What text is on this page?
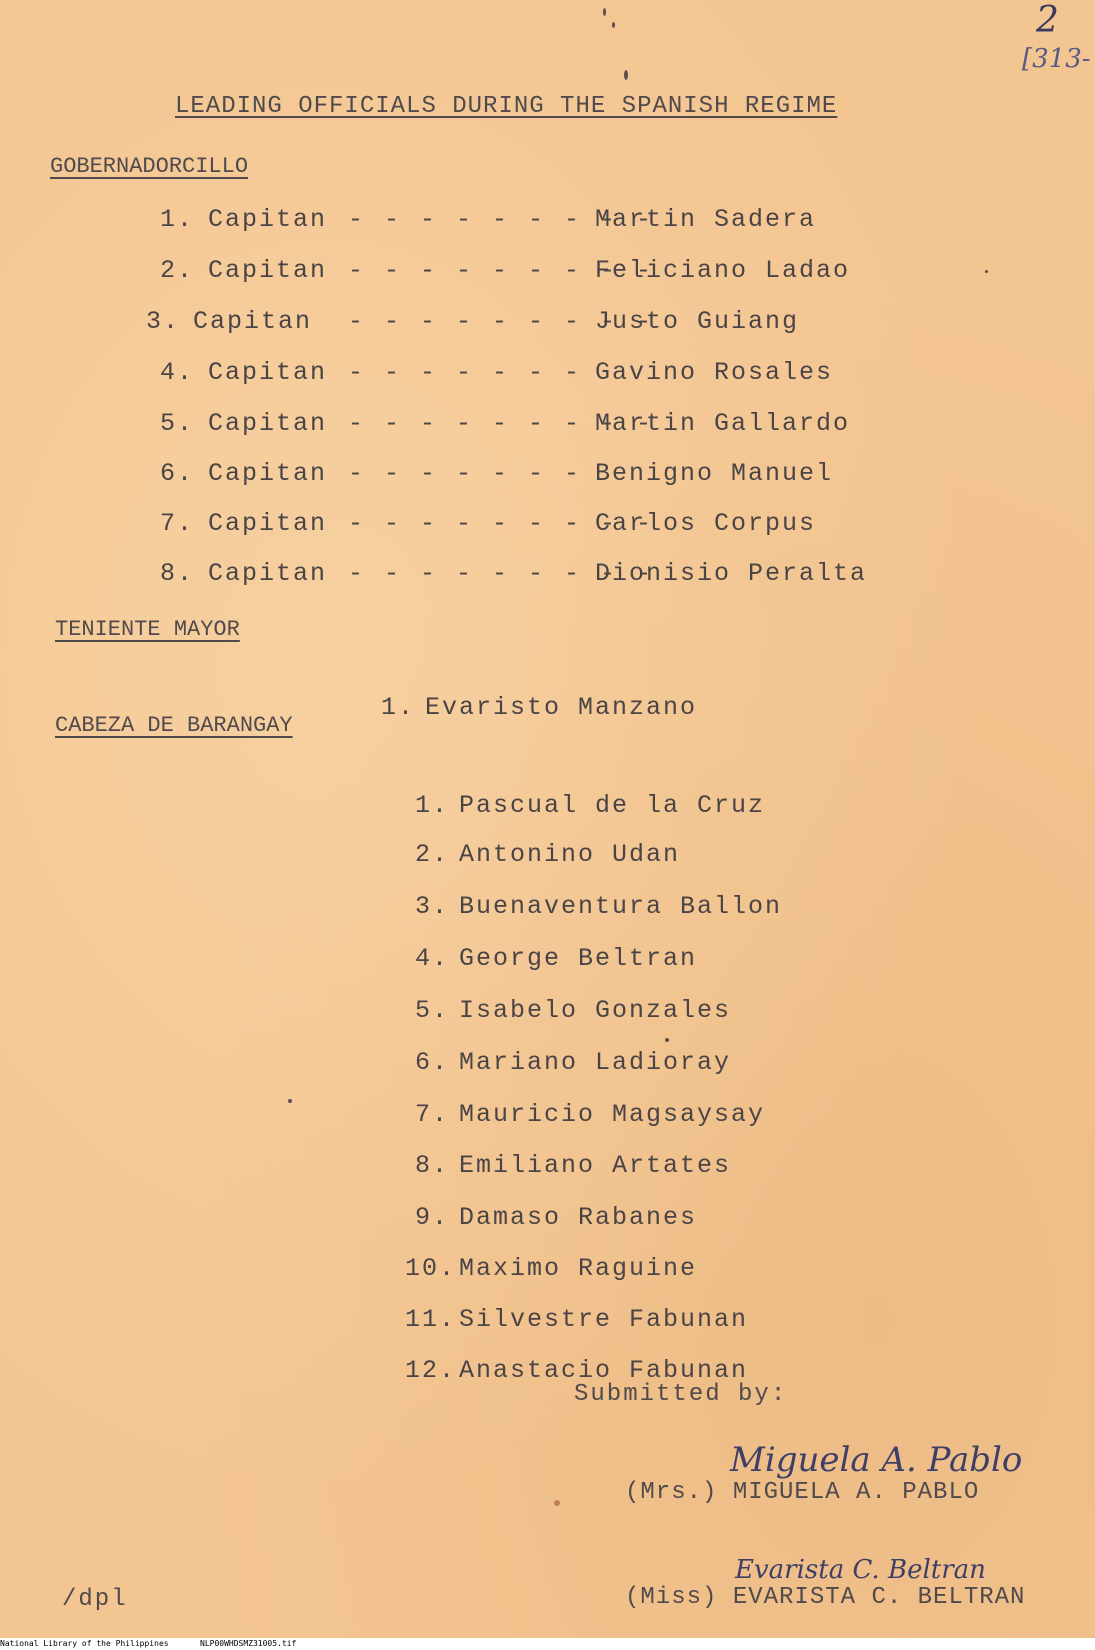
2
[313-
LEADING OFFICIALS DURING THE SPANISH REGIME
GOBERNADORCILLO
1. Capitan - - - - - - - - -
Martin Sadera
2. Capitan - - - - - - - - -
Feliciano Ladao
3. Capitan - - - - - - - - -
Justo Guiang
4. Capitan - - - - - - - Gavino Rosales
5. Capitan - - - - - - - - -
Martin Gallardo
6. Capitan - - - - - - - Benigno Manuel
7. Capitan - - - - - - - - -
Carlos Corpus
8. Capitan - - - - - - - - -
Dionisio Peralta
TENIENTE MAYOR

1. Evaristo Manzano

CABEZA DE BARANGAY

1. Pascual de la Cruz

2. Antonino Udan

3. Buenaventura Ballon

4. George Beltran

5. Isabelo Gonzales

6. Mariano Ladioray

7. Mauricio Magsaysay

8. Emiliano Artates

9. Damaso Rabanes

10. Maximo Raguine

11. Silvestre Fabunan

12. Anastacio Fabunan

Submitted by:
Miguela A. Pablo
(Mrs.) MIGUELA A. PABLO
Evarista C. Beltran
(Miss) EVARISTA C. BELTRAN
/dpl

National Library of the Philippines

	NLP00WHDSMZ31005.tif
